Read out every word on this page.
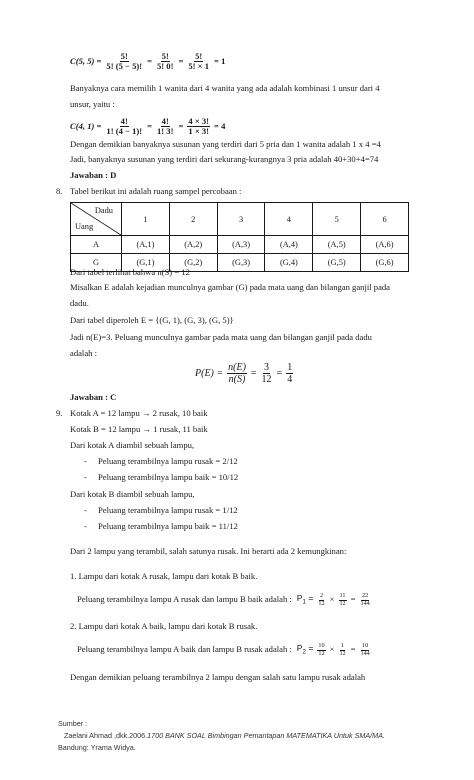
C(5, $5) = \frac{5!}{5! (5 - 5)!} = \frac{5!}{5! 0!} = \frac{5!}{5! \times 1} = 1$
Banyaknya cara memilih 1 wanita dari 4 wanita yang ada adalah kombinasi 1 unsur dari 4
unsur, yaitu :
C(4, $1) = \frac{4!}{1! (4 - 1)!} = \frac{4!}{1! 3!} = \frac{4 \times 3!}{1 \times 3!} = 4$
Dengan demikian banyaknya susunan yang terdiri dari 5 pria dan 1 wanita adalah 1 x 4 =4
Jadi, banyaknya susunan yang terdiri dari sekurang-kurangnya 3 pria adalah 40+30+4=74
Jawaban : D
8. Tabel berikut ini adalah ruang sampel percobaan :
Dadu
Uang	1	2	3	4	5	6
A	(A,1)	(A,2)	(A,3)	(A,4)	(A,5)	(A,6)
G	(G,1)	(G,2)	(G,3)	(G,4)	(G,5)	(G,6)
Dari tabel terlihat bahwa n(S) = 12
Misalkan E adalah kejadian munculnya gambar (G) pada mata uang dan bilangan ganjil pada
dadu.
Dari tabel diperoleh E = {(G, 1), (G, 3), (G, 5)}
Jadi n(E)=3. Peluang munculnya gambar pada mata uang dan bilangan ganjil pada dadu
adalah :
$P(E) = \frac{n(E)}{n(S)} = \frac{3}{12} = \frac{1}{4}$
Jawaban : C
9. Kotak A = 12 lampu → 2 rusak, 10 baik
Kotak B = 12 lampu → 1 rusak, 11 baik
Dari kotak A diambil sebuah lampu,
- Peluang terambilnya lampu rusak = 2/12
- Peluang terambilnya lampu baik = 10/12
Dari kotak B diambil sebuah lampu,
- Peluang terambilnya lampu rusak = 1/12
- Peluang terambilnya lampu baik = 11/12
Dari 2 lampu yang terambil, salah satunya rusak. Ini berarti ada 2 kemungkinan:
1. Lampu dari kotak A rusak, lampu dari kotak B baik.
Peluang terambilnya lampu A rusak dan lampu B baik adalah : $P_1 = \frac{2}{12} \times \frac{11}{12} = \frac{22}{144}$
2. Lampu dari kotak A baik, lampu dari kotak B rusak.
Peluang terambilnya lampu A baik dan lampu B rusak adalah : $P_2 = \frac{10}{12} \times \frac{1}{12} = \frac{10}{144}$
Dengan demikian peluang terambilnya 2 lampu dengan salah satu lampu rusak adalah
Sumber :
Zaelani Ahmad ,dkk.2006.1700 BANK SOAL Bimbingan Pemantapan MATEMATIKA Untuk SMA/MA.
Bandung: Yrama Widya.
